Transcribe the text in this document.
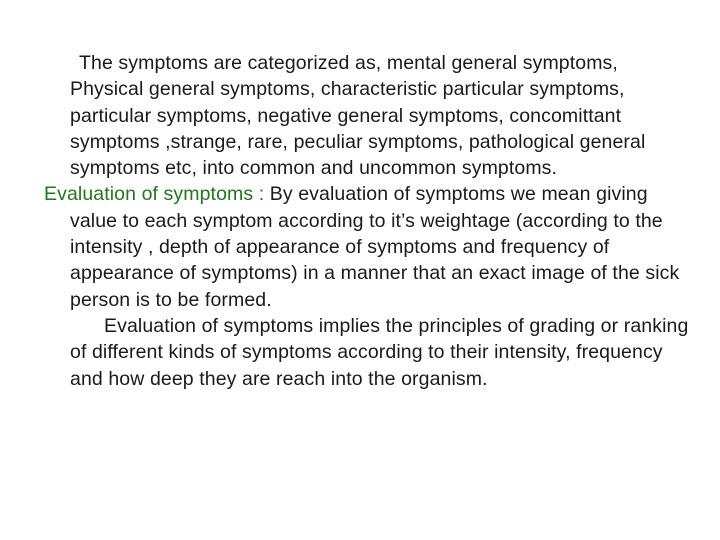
The symptoms are categorized as, mental general symptoms, Physical general symptoms, characteristic particular symptoms, particular symptoms, negative general symptoms, concomittant symptoms ,strange, rare, peculiar symptoms, pathological general symptoms etc, into common and uncommon symptoms.

Evaluation of symptoms : By evaluation of symptoms we mean giving value to each symptom according to it’s weightage (according to the intensity , depth of appearance of symptoms and frequency of appearance of symptoms) in a manner that an exact image of the sick person is to be formed.

Evaluation of symptoms implies the principles of grading or ranking of different kinds of symptoms according to their intensity, frequency and how deep they are reach into the organism.
